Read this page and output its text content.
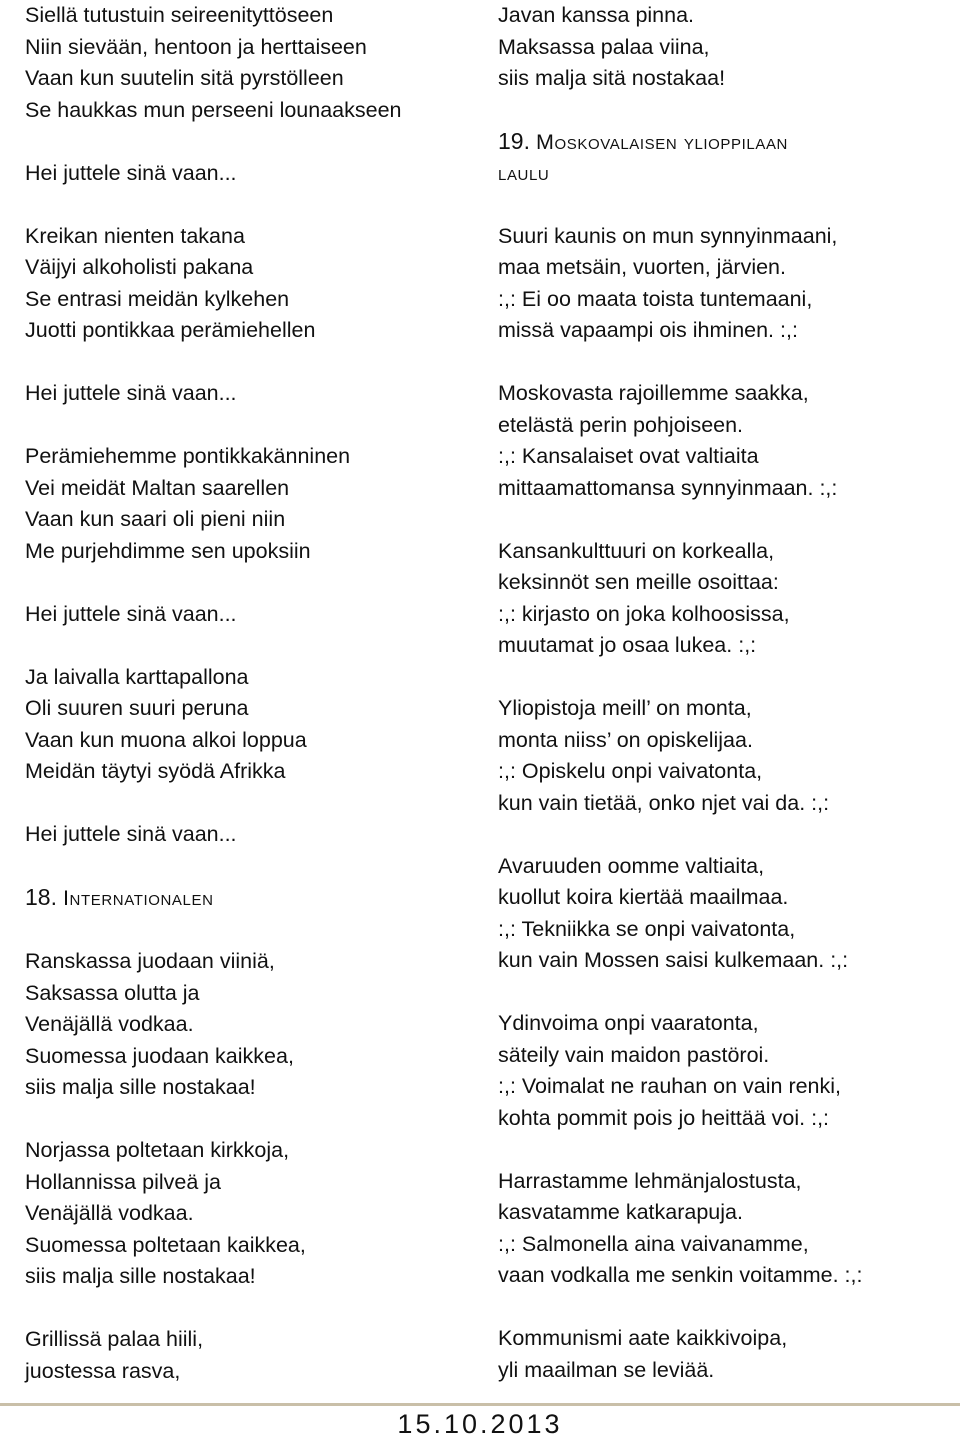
Siellä tutustuin seireenityttöseen
Niin sievään, hentoon ja herttaiseen
Vaan kun suutelin sitä pyrstölleen
Se haukkas mun perseeni lounaakseen
Hei juttele sinä vaan...
Kreikan nienten takana
Väijyi alkoholisti pakana
Se entrasi meidän kylkehen
Juotti pontikkaa perämiehellen
Hei juttele sinä vaan...
Perämiehemme pontikkakänninen
Vei meidät Maltan saarellen
Vaan kun saari oli pieni niin
Me purjehdimme sen upoksiin
Hei juttele sinä vaan...
Ja laivalla karttapallona
Oli suuren suuri peruna
Vaan kun muona alkoi loppua
Meidän täytyi syödä Afrikka
Hei juttele sinä vaan...
18. Internationalen
Ranskassa juodaan viiniä,
Saksassa olutta ja
Venäjällä vodkaa.
Suomessa juodaan kaikkea,
siis malja sille nostakaa!
Norjassa poltetaan kirkkoja,
Hollannissa pilveä ja
Venäjällä vodkaa.
Suomessa poltetaan kaikkea,
siis malja sille nostakaa!
Grillissä palaa hiili,
juostessa rasva,
Javan kanssa pinna.
Maksassa palaa viina,
siis malja sitä nostakaa!
19. Moskovalaisen ylioppilaan
laulu
Suuri kaunis on mun synnyinmaani,
maa metsäin, vuorten, järvien.
:,: Ei oo maata toista tuntemaani,
missä vapaampi ois ihminen. :,:
Moskovasta rajoillemme saakka,
etelästä perin pohjoiseen.
:,: Kansalaiset ovat valtiaita
mittaamattomansa synnyinmaan. :,:
Kansankulttuuri on korkealla,
keksinnöt sen meille osoittaa:
:,: kirjasto on joka kolhoosissa,
muutamat jo osaa lukea. :,:
Yliopistoja meill’ on monta,
monta niiss’ on opiskelijaa.
:,: Opiskelu onpi vaivatonta,
kun vain tietää, onko njet vai da. :,:
Avaruuden oomme valtiaita,
kuollut koira kiertää maailmaa.
:,: Tekniikka se onpi vaivatonta,
kun vain Mossen saisi kulkemaan. :,:
Ydinvoima onpi vaaratonta,
säteily vain maidon pastöroi.
:,: Voimalat ne rauhan on vain renki,
kohta pommit pois jo heittää voi. :,:
Harrastamme lehmänjalostusta,
kasvatamme katkarapuja.
:,: Salmonella aina vaivanamme,
vaan vodkalla me senkin voitamme. :,:
Kommunismi aate kaikkivoipa,
yli maailman se leviää.
15.10.2013
